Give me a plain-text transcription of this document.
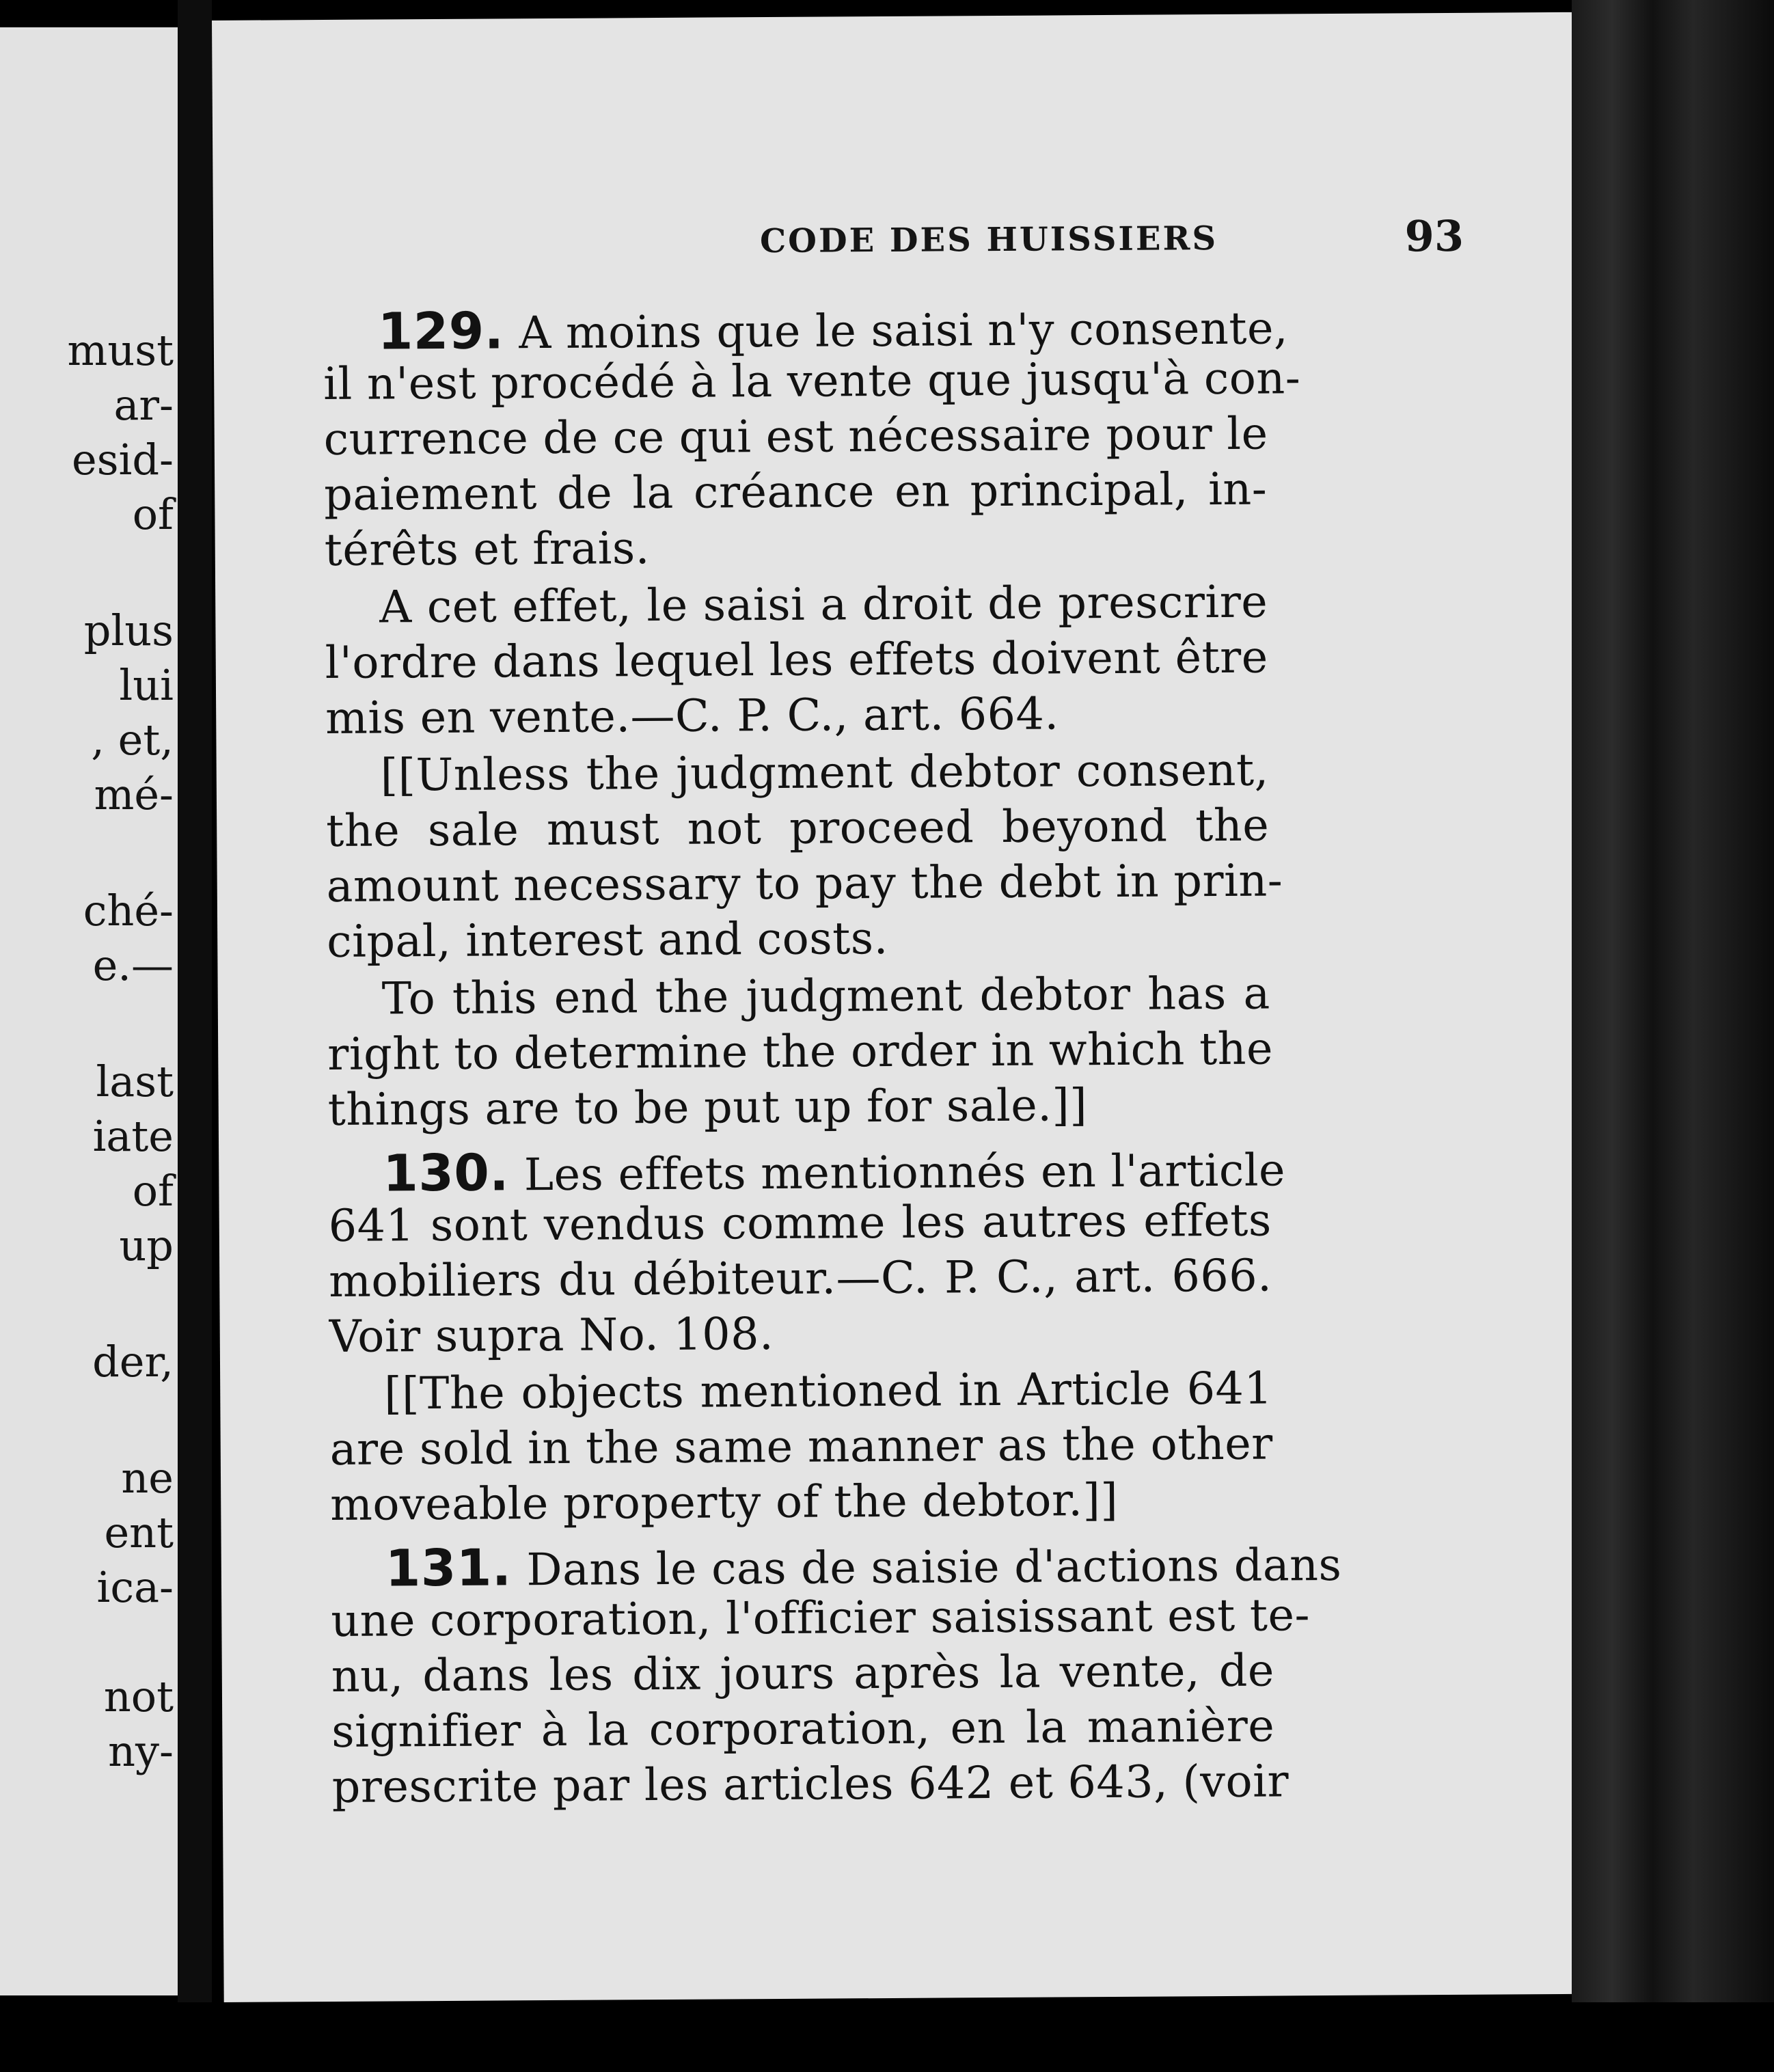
must

ar-

esid-

of

plus

lui

, et,

mé-

ché-

e.—

last

iate

of

up

der,

ne

ent

ica-

not

ny-

CODE DES HUISSIERS	93

129. A moins que le saisi n'y consente,

il n'est procédé à la vente que jusqu'à con-

currence de ce qui est nécessaire pour le

paiement de la créance en principal, in-

térêts et frais.

A cet effet, le saisi a droit de prescrire

l'ordre dans lequel les effets doivent être

mis en vente.—C. P. C., art. 664.

[[Unless the judgment debtor consent,

the sale must not proceed beyond the

amount necessary to pay the debt in prin-

cipal, interest and costs.

To this end the judgment debtor has a

right to determine the order in which the

things are to be put up for sale.]]

130. Les effets mentionnés en l'article

641 sont vendus comme les autres effets

mobiliers du débiteur.—C. P. C., art. 666.

Voir supra No. 108.

[[The objects mentioned in Article 641

are sold in the same manner as the other

moveable property of the debtor.]]

131. Dans le cas de saisie d'actions dans

une corporation, l'officier saisissant est te-

nu, dans les dix jours après la vente, de

signifier à la corporation, en la manière

prescrite par les articles 642 et 643, (voir
